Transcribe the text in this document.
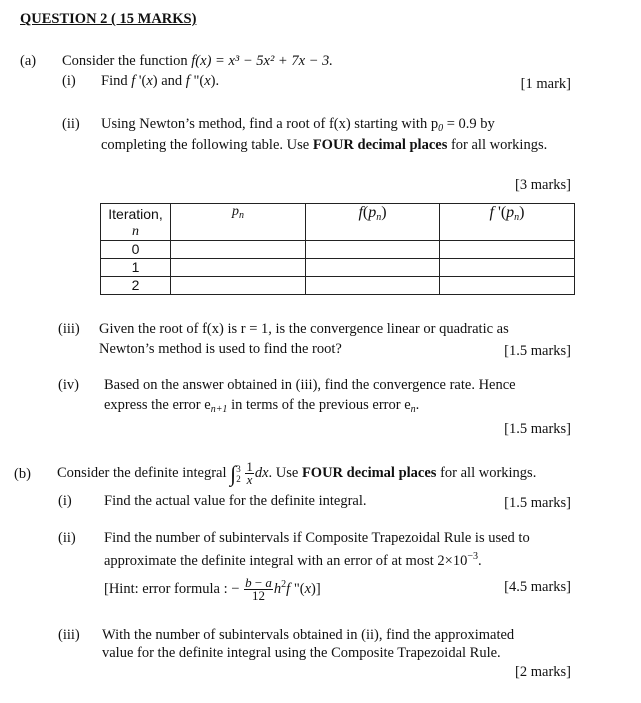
QUESTION 2 ( 15 MARKS)
(a) Consider the function f(x) = x³ − 5x² + 7x − 3.
(i) Find f '(x) and f "(x).	[1 mark]
(ii) Using Newton’s method, find a root of f(x) starting with $p_0 = 0.9$ by
completing the following table. Use FOUR decimal places for all workings.
[3 marks]
Iteration,
n	$p_n$	$f(p_n)$	f '$(p_n)$
0			
1			
2			
(iii) Given the root of f(x) is r = 1, is the convergence linear or quadratic as
Newton’s method is used to find the root?	[1.5 marks]
(iv) Based on the answer obtained in (iii), find the convergence rate. Hence
express the error $e_{n+1}$ in terms of the previous error $e_n$.
[1.5 marks]
(b) Consider the definite integral ∫3
$2 \frac{1}{x}$ dx. Use FOUR decimal places for all workings.
(i) Find the actual value for the definite integral.	[1.5 marks]
(ii) Find the number of subintervals if Composite Trapezoidal Rule is used to
approximate the definite integral with an error of at most $2\times 10^{-3}$.
[Hint: error formula : − $\frac{b - a}{12} h^2f$ "(x)]	[4.5 marks]
(iii) With the number of subintervals obtained in (ii), find the approximated
value for the definite integral using the Composite Trapezoidal Rule.
[2 marks]
